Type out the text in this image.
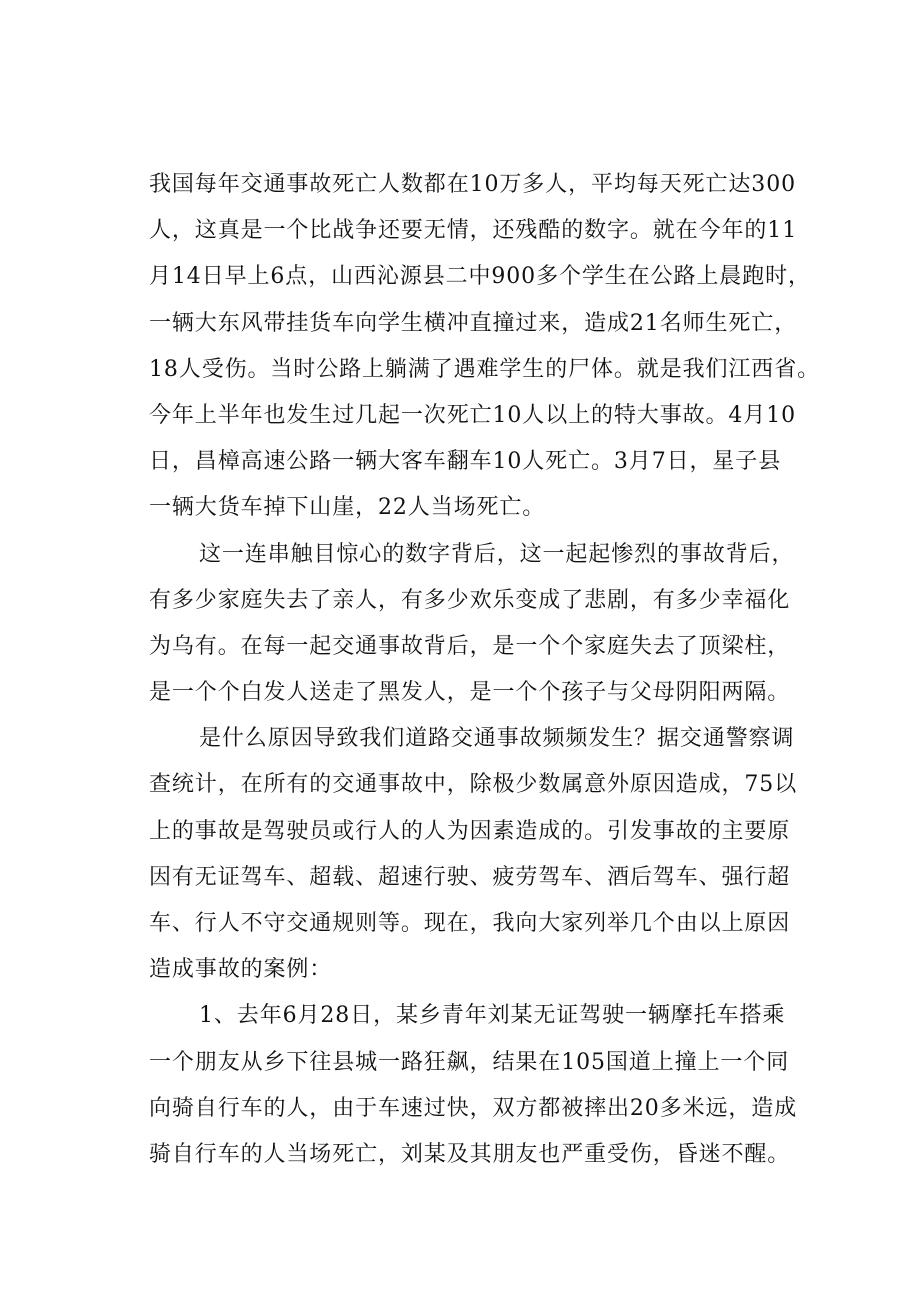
我国每年交通事故死亡人数都在10万多人，平均每天死亡达300
人，这真是一个比战争还要无情，还残酷的数字。就在今年的11
月14日早上6点，山西沁源县二中900多个学生在公路上晨跑时，
一辆大东风带挂货车向学生横冲直撞过来，造成21名师生死亡，
18人受伤。当时公路上躺满了遇难学生的尸体。就是我们江西省。
今年上半年也发生过几起一次死亡10人以上的特大事故。4月10
日，昌樟高速公路一辆大客车翻车10人死亡。3月7日，星子县
一辆大货车掉下山崖，22人当场死亡。
这一连串触目惊心的数字背后，这一起起惨烈的事故背后，
有多少家庭失去了亲人，有多少欢乐变成了悲剧，有多少幸福化
为乌有。在每一起交通事故背后，是一个个家庭失去了顶梁柱，
是一个个白发人送走了黑发人，是一个个孩子与父母阴阳两隔。
是什么原因导致我们道路交通事故频频发生？据交通警察调
查统计，在所有的交通事故中，除极少数属意外原因造成，75以
上的事故是驾驶员或行人的人为因素造成的。引发事故的主要原
因有无证驾车、超载、超速行驶、疲劳驾车、酒后驾车、强行超
车、行人不守交通规则等。现在，我向大家列举几个由以上原因
造成事故的案例：
1、去年6月28日，某乡青年刘某无证驾驶一辆摩托车搭乘
一个朋友从乡下往县城一路狂飙，结果在105国道上撞上一个同
向骑自行车的人，由于车速过快，双方都被摔出20多米远，造成
骑自行车的人当场死亡，刘某及其朋友也严重受伤，昏迷不醒。
